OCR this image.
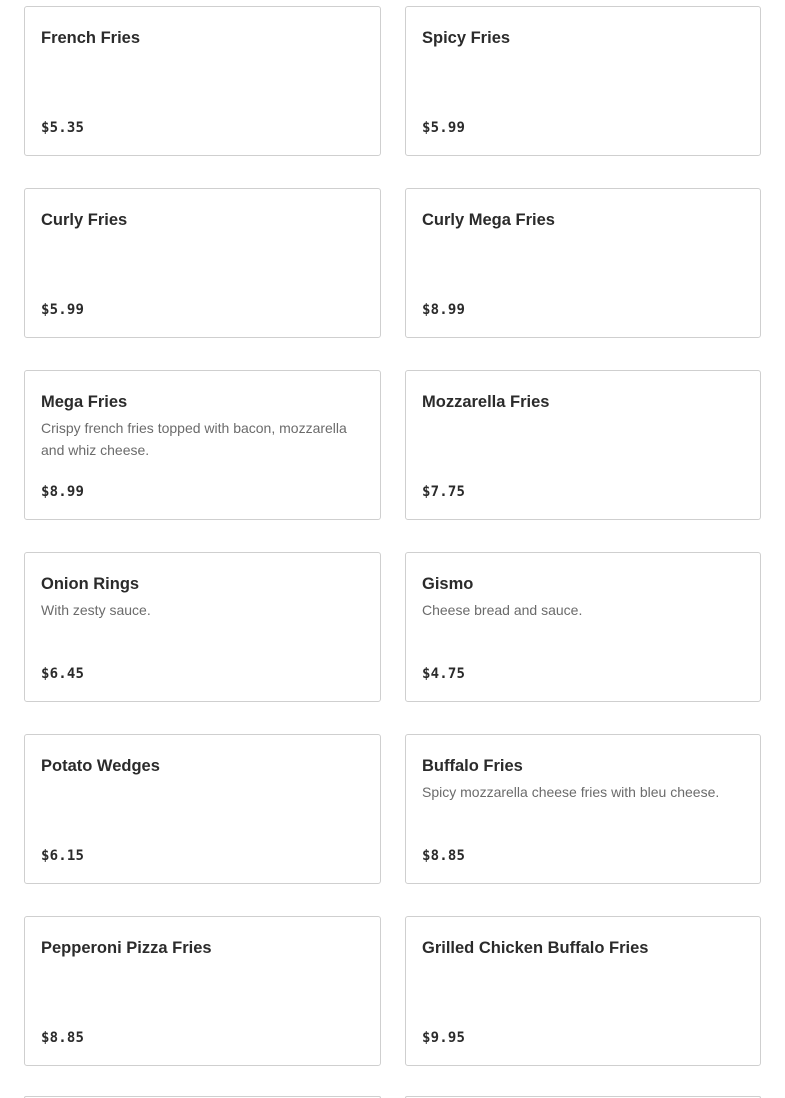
French Fries
$5.35
Spicy Fries
$5.99
Curly Fries
$5.99
Curly Mega Fries
$8.99
Mega Fries
Crispy french fries topped with bacon, mozzarella and whiz cheese.
$8.99
Mozzarella Fries
$7.75
Onion Rings
With zesty sauce.
$6.45
Gismo
Cheese bread and sauce.
$4.75
Potato Wedges
$6.15
Buffalo Fries
Spicy mozzarella cheese fries with bleu cheese.
$8.85
Pepperoni Pizza Fries
$8.85
Grilled Chicken Buffalo Fries
$9.95
